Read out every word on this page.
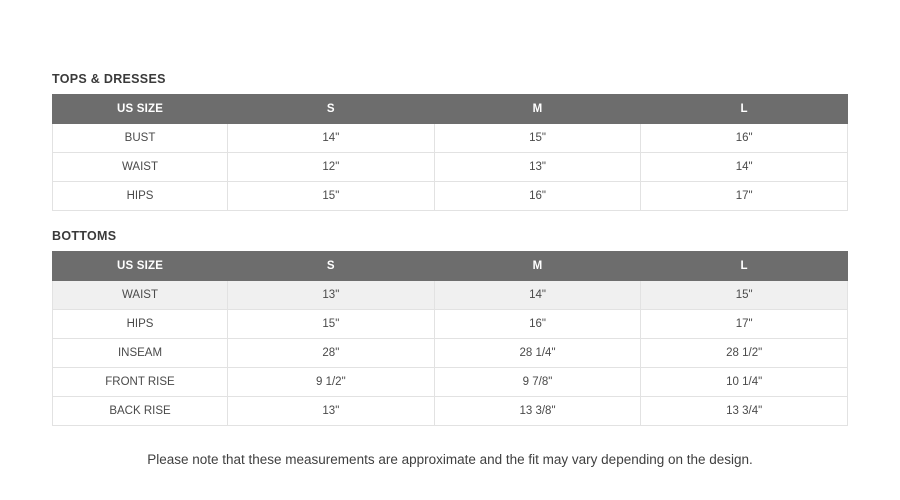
TOPS & DRESSES
US SIZE	S	M	L
BUST	14"	15"	16"
WAIST	12"	13"	14"
HIPS	15"	16"	17"
BOTTOMS
US SIZE	S	M	L
WAIST	13"	14"	15"
HIPS	15"	16"	17"
INSEAM	28"	28 1/4"	28 1/2"
FRONT RISE	9 1/2"	9 7/8"	10 1/4"
BACK RISE	13"	13 3/8"	13 3/4"
Please note that these measurements are approximate and the fit may vary depending on the design.
